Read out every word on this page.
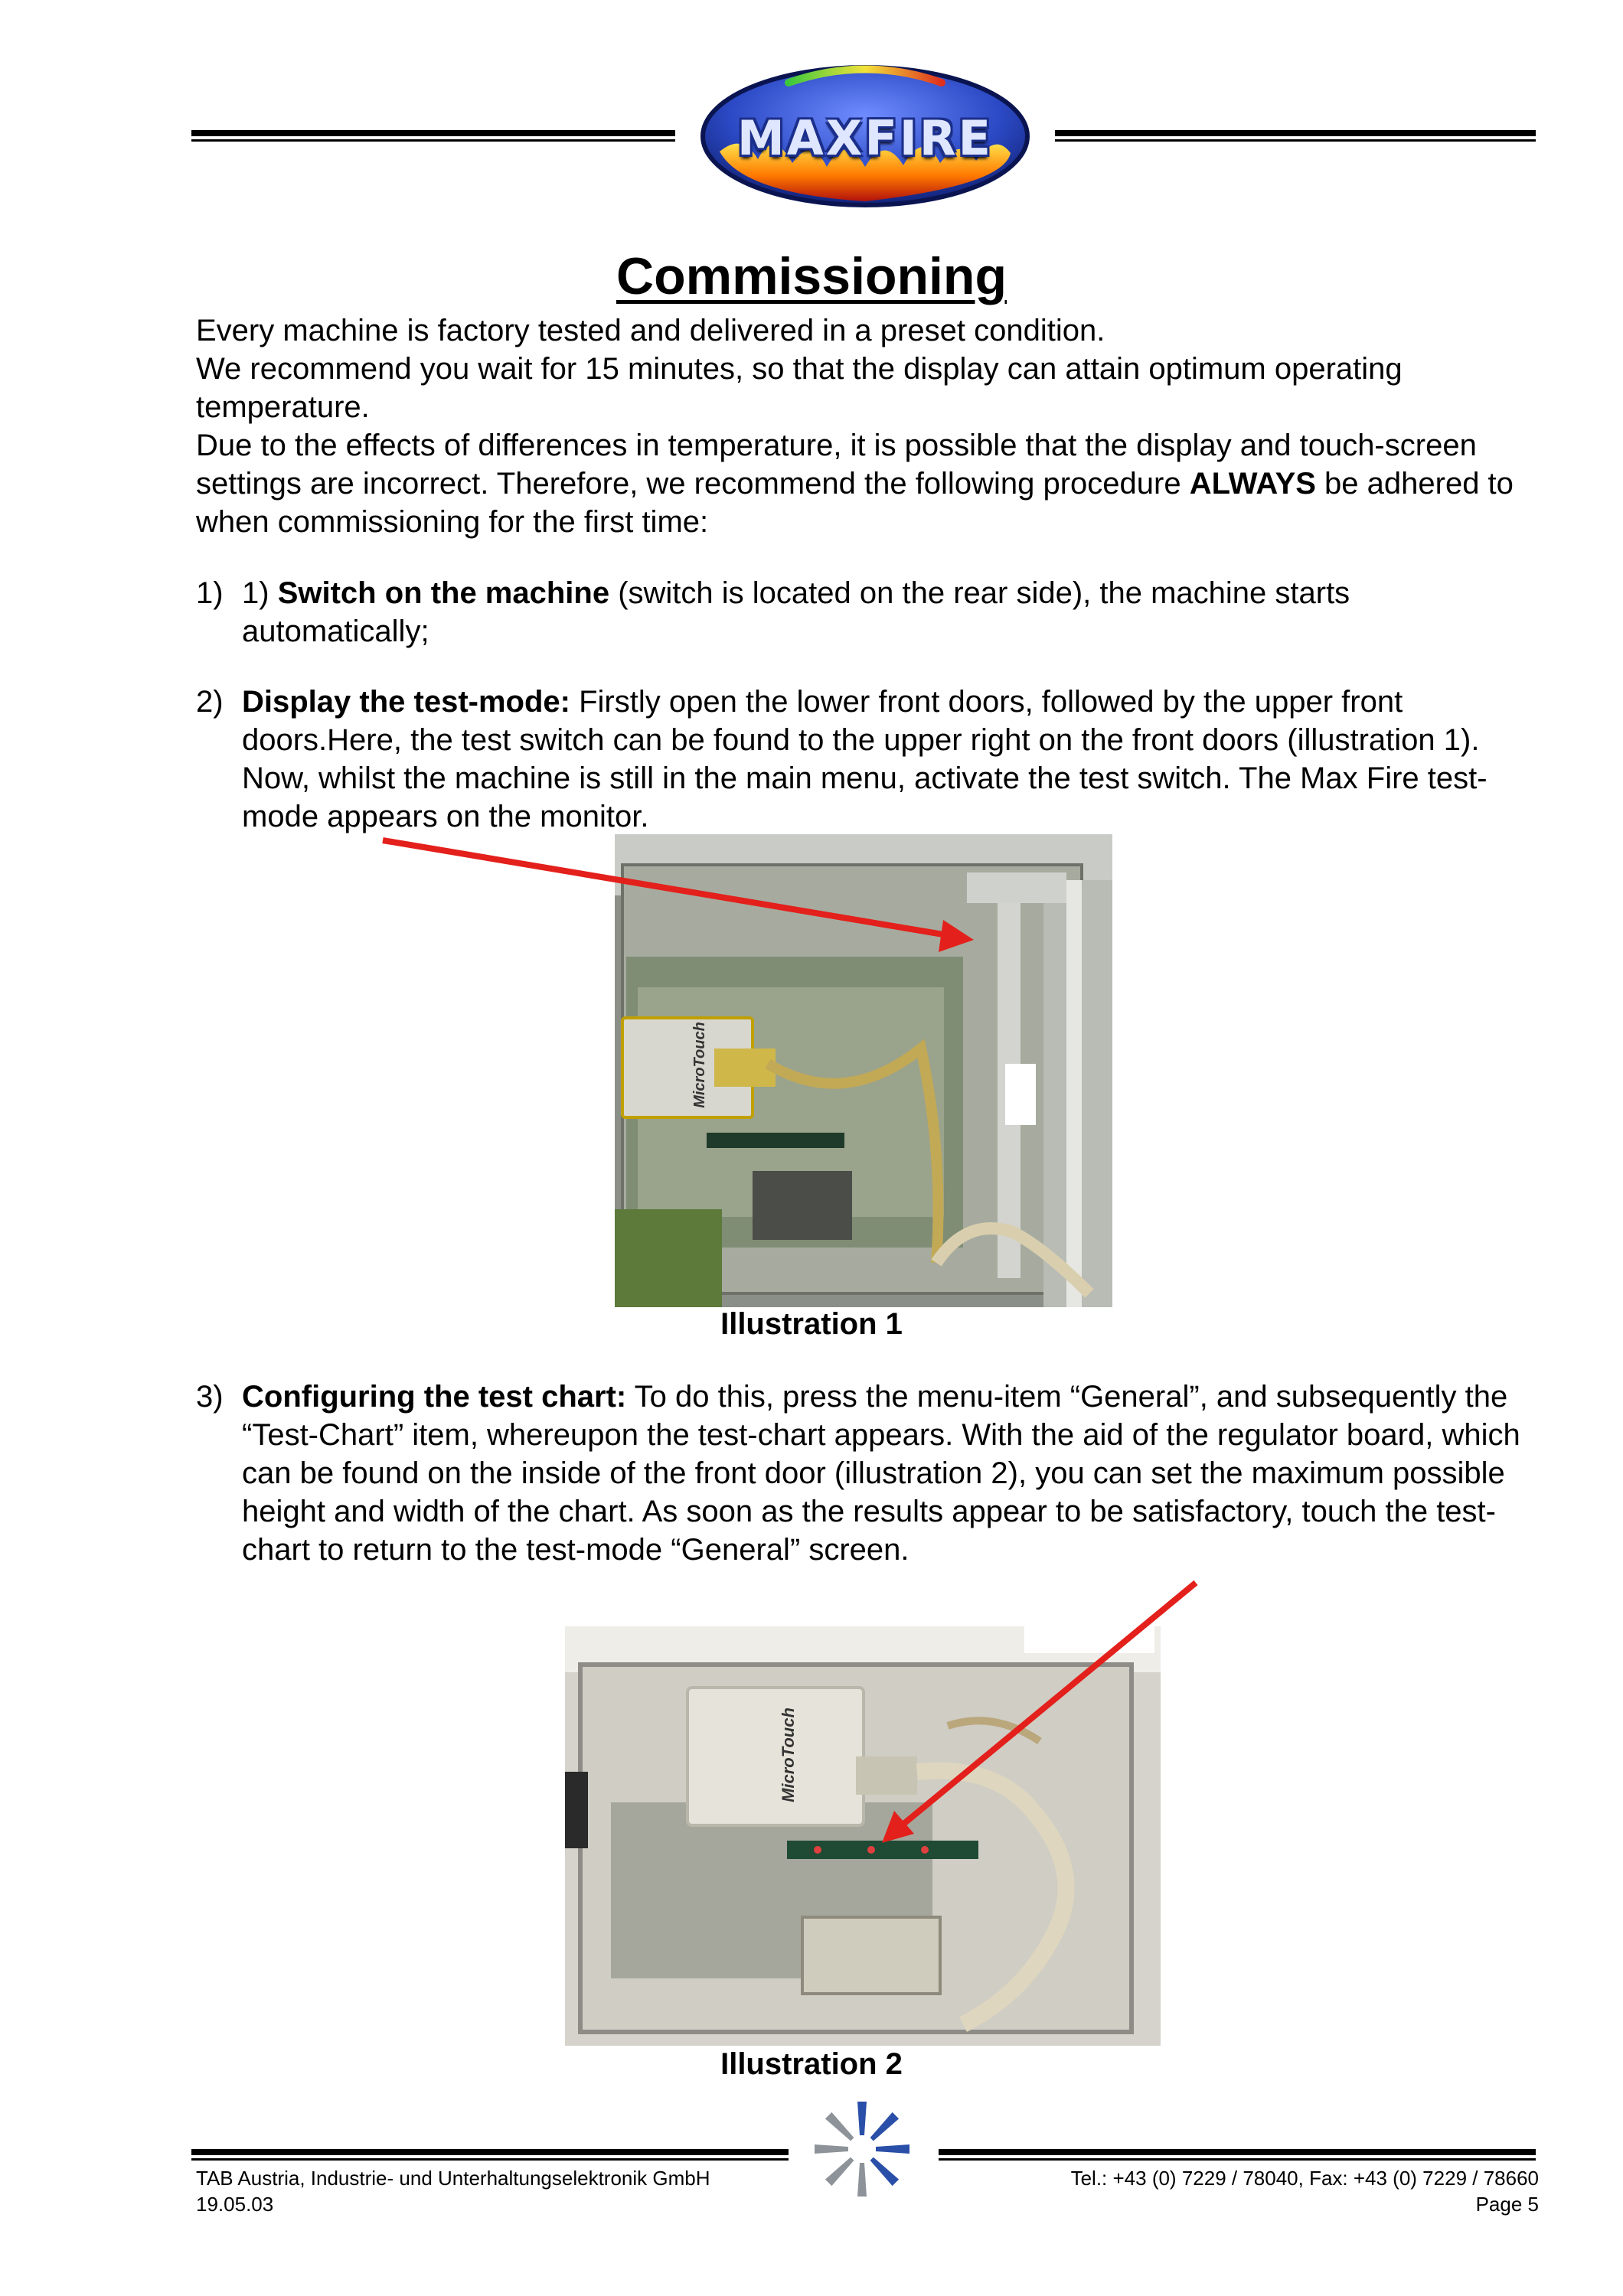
MAXFIRE
Commissioning
Every machine is factory tested and delivered in a preset condition.
We recommend you wait for 15 minutes, so that the display can attain optimum operating temperature.
Due to the effects of differences in temperature, it is possible that the display and touch-screen settings are incorrect. Therefore, we recommend the following procedure ALWAYS be adhered to when commissioning for the first time:
1) 1) Switch on the machine (switch is located on the rear side), the machine starts automatically;
2) Display the test-mode: Firstly open the lower front doors, followed by the upper front doors.Here, the test switch can be found to the upper right on the front doors (illustration 1). Now, whilst the machine is still in the main menu, activate the test switch. The Max Fire test-mode appears on the monitor.
MicroTouch
Illustration 1
3) Configuring the test chart: To do this, press the menu-item “General”, and subsequently the “Test-Chart” item, whereupon the test-chart appears. With the aid of the regulator board, which can be found on the inside of the front door (illustration 2), you can set the maximum possible height and width of the chart. As soon as the results appear to be satisfactory, touch the test-chart to return to the test-mode “General” screen.
MicroTouch
Illustration 2
TAB Austria, Industrie- und Unterhaltungselektronik GmbH
19.05.03
Tel.: +43 (0) 7229 / 78040, Fax: +43 (0) 7229 / 78660
Page 5
